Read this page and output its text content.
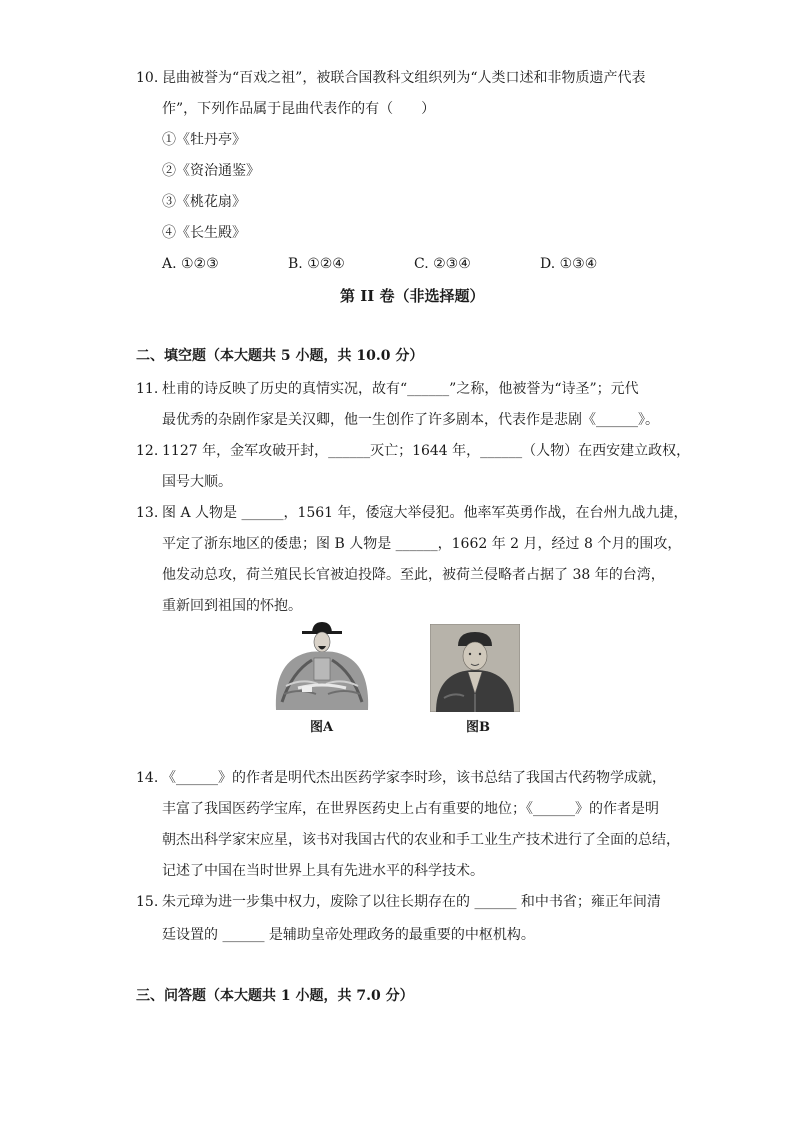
10. 昆曲被誉为“百戏之祖”，被联合国教科文组织列为“人类口述和非物质遗产代表
作”，下列作品属于昆曲代表作的有（　　）
①《牡丹亭》
②《资治通鉴》
③《桃花扇》
④《长生殿》
A. ①②③	B. ①②④	C. ②③④	D. ①③④
第 II 卷（非选择题）
二、填空题（本大题共 5 小题，共 10.0 分）
11. 杜甫的诗反映了历史的真情实况，故有“______”之称，他被誉为“诗圣”；元代
最优秀的杂剧作家是关汉卿，他一生创作了许多剧本，代表作是悲剧《______》。
12. 1127 年，金军攻破开封，______灭亡；1644 年，______（人物）在西安建立政权，
国号大顺。
13. 图 A 人物是 ______，1561 年，倭寇大举侵犯。他率军英勇作战，在台州九战九捷，
平定了浙东地区的倭患；图 B 人物是 ______，1662 年 2 月，经过 8 个月的围攻，
他发动总攻，荷兰殖民长官被迫投降。至此，被荷兰侵略者占据了 38 年的台湾，
重新回到祖国的怀抱。
图A	图B
14. 《______》的作者是明代杰出医药学家李时珍，该书总结了我国古代药物学成就，
丰富了我国医药学宝库，在世界医药史上占有重要的地位；《______》的作者是明
朝杰出科学家宋应星，该书对我国古代的农业和手工业生产技术进行了全面的总结，
记述了中国在当时世界上具有先进水平的科学技术。
15. 朱元璋为进一步集中权力，废除了以往长期存在的 ______ 和中书省；雍正年间清
廷设置的 ______ 是辅助皇帝处理政务的最重要的中枢机构。
三、问答题（本大题共 1 小题，共 7.0 分）
